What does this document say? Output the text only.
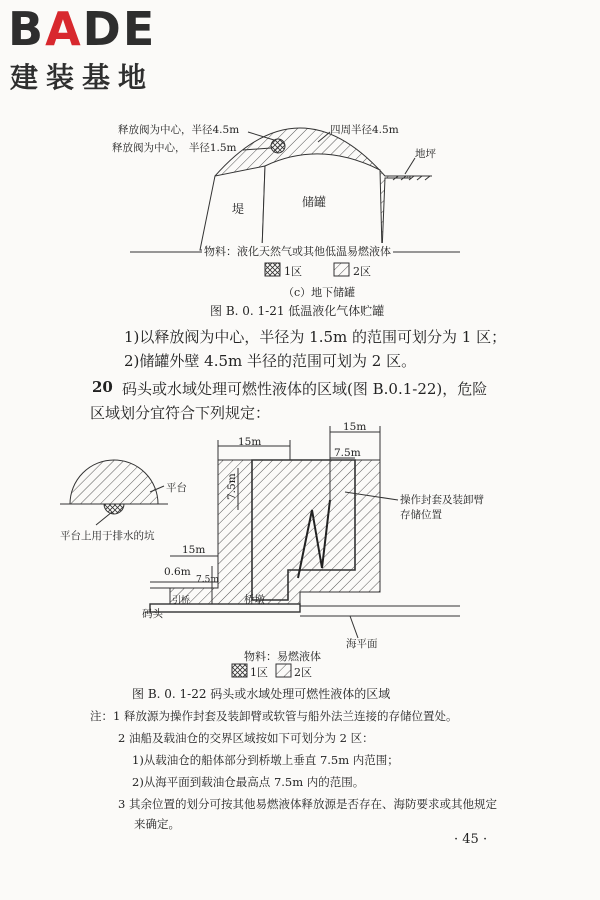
BADE
建装基地
释放阀为中心，半径4.5m
释放阀为中心， 半径1.5m
四周半径4.5m
地坪
堤	储罐
物料：液化天然气或其他低温易燃液体
1区	2区
（c）地下储罐
图 B. 0. 1-21 低温液化气体贮罐
1)以释放阀为中心，半径为 1.5m 的范围可划分为 1 区；
2)储罐外壁 4.5m 半径的范围可划为 2 区。
20 码头或水域处理可燃性液体的区域(图 B.0.1-22)，危险
区域划分宜符合下列规定：
平台
平台上用于排水的坑
15m
15m
7.5m
7.5m	操作封套及装卸臂
存储位置
15m
0.6m
7.5m
引桥	桥墩
码头
海平面
物料：易燃液体
1区 2区
图 B. 0. 1-22 码头或水域处理可燃性液体的区域
注：1 释放源为操作封套及装卸臂或软管与船外法兰连接的存储位置处。
2 油船及载油仓的交界区域按如下可划分为 2 区：
1)从载油仓的船体部分到桥墩上垂直 7.5m 内范围；
2)从海平面到载油仓最高点 7.5m 内的范围。
3 其余位置的划分可按其他易燃液体释放源是否存在、海防要求或其他规定
来确定。
· 45 ·
